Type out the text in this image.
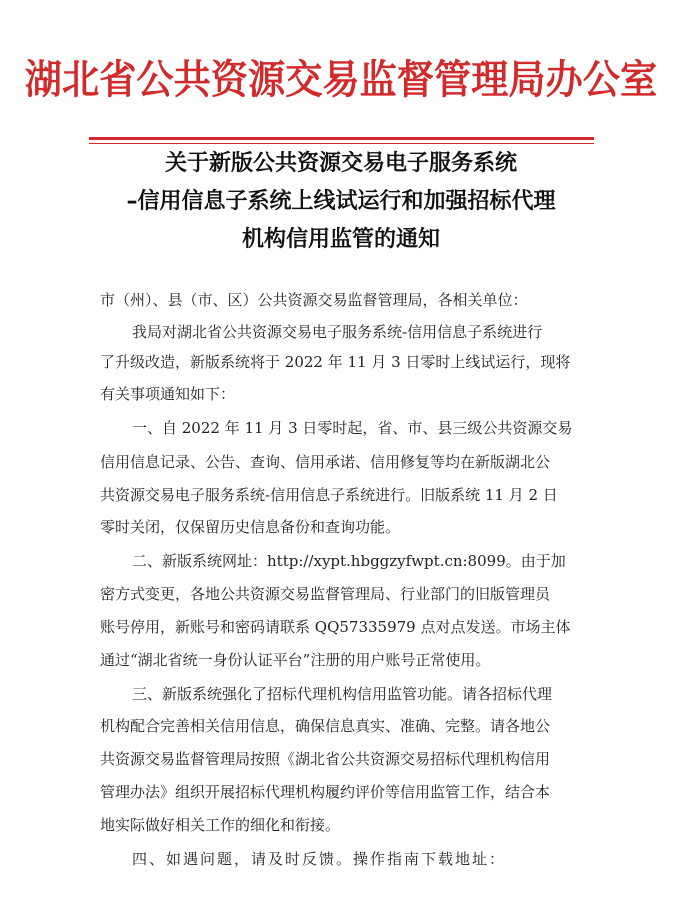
湖北省公共资源交易监督管理局办公室
关于新版公共资源交易电子服务系统
–信用信息子系统上线试运行和加强招标代理
机构信用监管的通知
市（州）、县（市、区）公共资源交易监督管理局，各相关单位：
我局对湖北省公共资源交易电子服务系统-信用信息子系统进行
了升级改造，新版系统将于 2022 年 11 月 3 日零时上线试运行，现将
有关事项通知如下：
一、自 2022 年 11 月 3 日零时起，省、市、县三级公共资源交易
信用信息记录、公告、查询、信用承诺、信用修复等均在新版湖北公
共资源交易电子服务系统-信用信息子系统进行。旧版系统 11 月 2 日
零时关闭，仅保留历史信息备份和查询功能。
二、新版系统网址：http://xypt.hbggzyfwpt.cn:8099。由于加
密方式变更，各地公共资源交易监督管理局、行业部门的旧版管理员
账号停用，新账号和密码请联系 QQ57335979 点对点发送。市场主体
通过“湖北省统一身份认证平台”注册的用户账号正常使用。
三、新版系统强化了招标代理机构信用监管功能。请各招标代理
机构配合完善相关信用信息，确保信息真实、准确、完整。请各地公
共资源交易监督管理局按照《湖北省公共资源交易招标代理机构信用
管理办法》组织开展招标代理机构履约评价等信用监管工作，结合本
地实际做好相关工作的细化和衔接。
四、如遇问题，请及时反馈。操作指南下载地址：
